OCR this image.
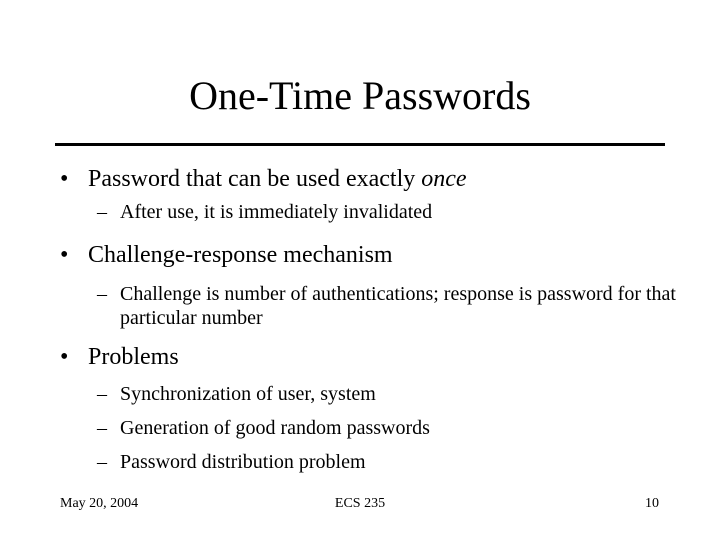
One-Time Passwords
• Password that can be used exactly once
– After use, it is immediately invalidated
• Challenge-response mechanism
– Challenge is number of authentications; response is password for that particular number
• Problems
– Synchronization of user, system
– Generation of good random passwords
– Password distribution problem
May 20, 2004	ECS 235	10
